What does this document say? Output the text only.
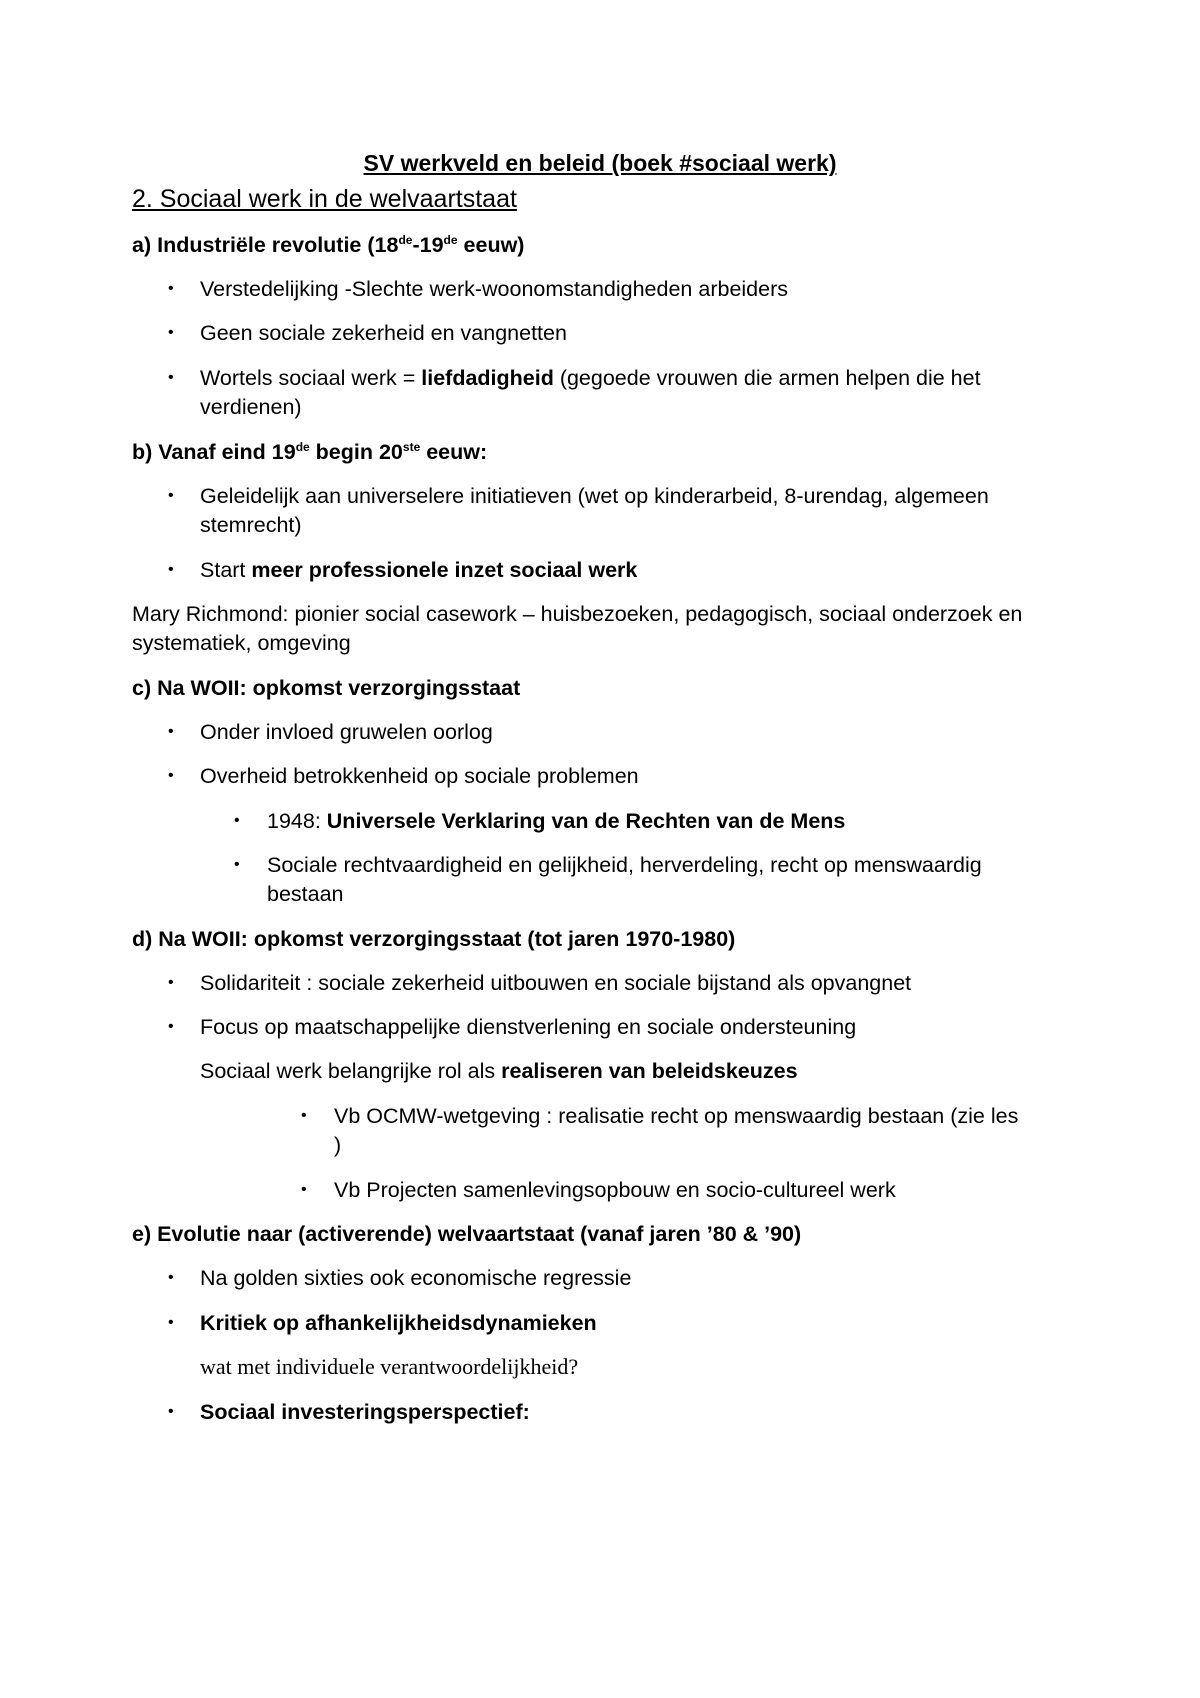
SV werkveld en beleid (boek #sociaal werk)
2. Sociaal werk in de welvaartstaat
a) Industriële revolutie (18de-19de eeuw)
• Verstedelijking -Slechte werk-woonomstandigheden arbeiders
• Geen sociale zekerheid en vangnetten
• Wortels sociaal werk = liefdadigheid (gegoede vrouwen die armen helpen die het
verdienen)
b) Vanaf eind 19de begin 20ste eeuw:
• Geleidelijk aan universelere initiatieven (wet op kinderarbeid, 8-urendag, algemeen
stemrecht)
• Start meer professionele inzet sociaal werk
Mary Richmond: pionier social casework – huisbezoeken, pedagogisch, sociaal onderzoek en
systematiek, omgeving
c) Na WOII: opkomst verzorgingsstaat
• Onder invloed gruwelen oorlog
• Overheid betrokkenheid op sociale problemen
• 1948: Universele Verklaring van de Rechten van de Mens
• Sociale rechtvaardigheid en gelijkheid, herverdeling, recht op menswaardig
bestaan
d) Na WOII: opkomst verzorgingsstaat (tot jaren 1970-1980)
• Solidariteit : sociale zekerheid uitbouwen en sociale bijstand als opvangnet
• Focus op maatschappelijke dienstverlening en sociale ondersteuning
Sociaal werk belangrijke rol als realiseren van beleidskeuzes
• Vb OCMW-wetgeving : realisatie recht op menswaardig bestaan (zie les
)
• Vb Projecten samenlevingsopbouw en socio-cultureel werk
e) Evolutie naar (activerende) welvaartstaat (vanaf jaren ’80 & ’90)
• Na golden sixties ook economische regressie
• Kritiek op afhankelijkheidsdynamieken
wat met individuele verantwoordelijkheid?
• Sociaal investeringsperspectief:
